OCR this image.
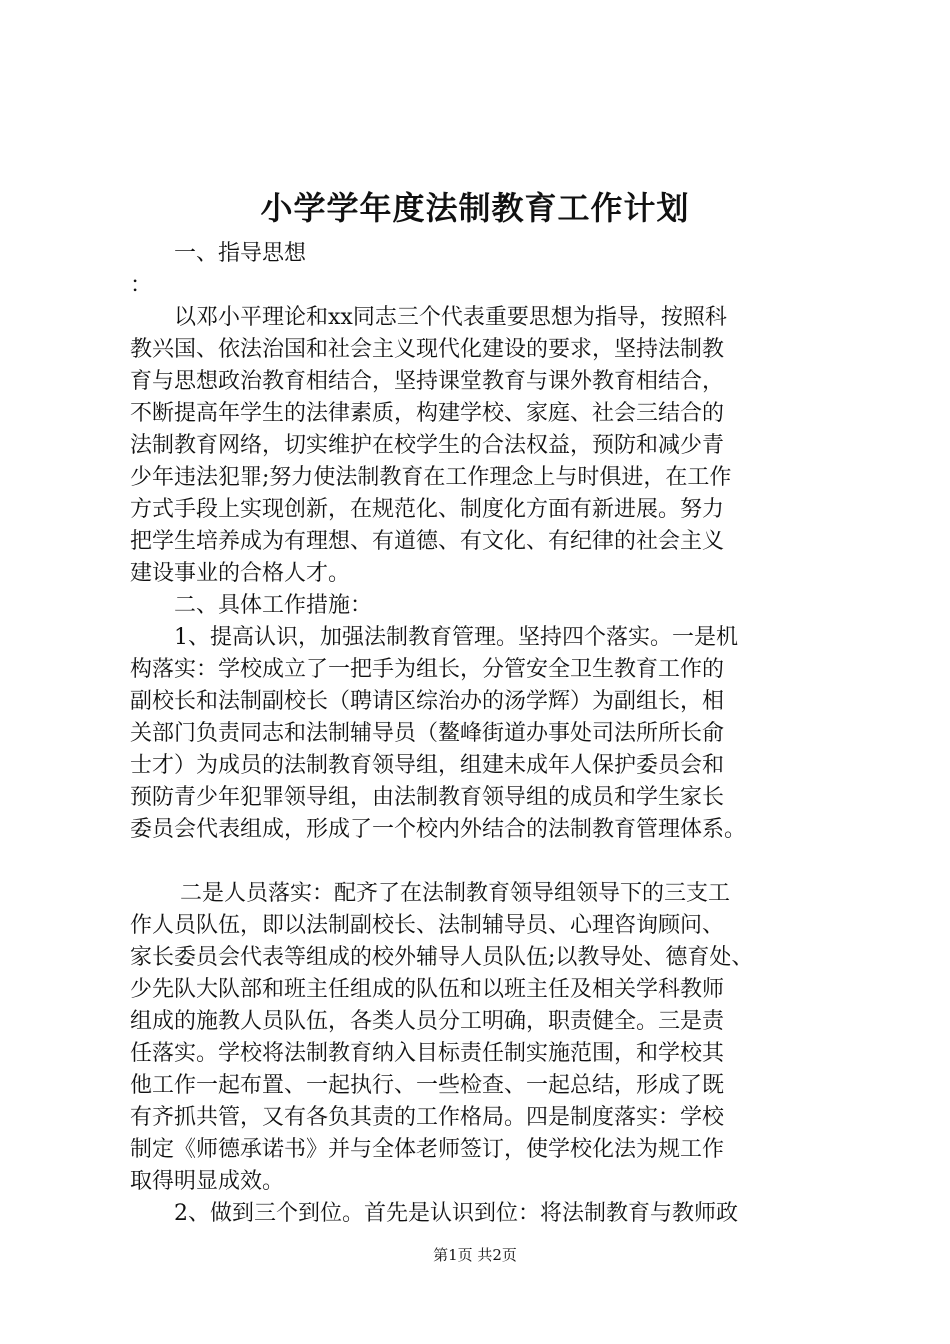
小学学年度法制教育工作计划
一、指导思想
：
以邓小平理论和xx同志三个代表重要思想为指导，按照科
教兴国、依法治国和社会主义现代化建设的要求，坚持法制教
育与思想政治教育相结合，坚持课堂教育与课外教育相结合，
不断提高年学生的法律素质，构建学校、家庭、社会三结合的
法制教育网络，切实维护在校学生的合法权益，预防和减少青
少年违法犯罪;努力使法制教育在工作理念上与时俱进，在工作
方式手段上实现创新，在规范化、制度化方面有新进展。努力
把学生培养成为有理想、有道德、有文化、有纪律的社会主义
建设事业的合格人才。
二、具体工作措施：
1、提高认识，加强法制教育管理。坚持四个落实。一是机
构落实：学校成立了一把手为组长，分管安全卫生教育工作的
副校长和法制副校长（聘请区综治办的汤学辉）为副组长，相
关部门负责同志和法制辅导员（鳌峰街道办事处司法所所长俞
士才）为成员的法制教育领导组，组建未成年人保护委员会和
预防青少年犯罪领导组，由法制教育领导组的成员和学生家长
委员会代表组成，形成了一个校内外结合的法制教育管理体系。
二是人员落实：配齐了在法制教育领导组领导下的三支工
作人员队伍，即以法制副校长、法制辅导员、心理咨询顾问、
家长委员会代表等组成的校外辅导人员队伍;以教导处、德育处、
少先队大队部和班主任组成的队伍和以班主任及相关学科教师
组成的施教人员队伍，各类人员分工明确，职责健全。三是责
任落实。学校将法制教育纳入目标责任制实施范围，和学校其
他工作一起布置、一起执行、一些检查、一起总结，形成了既
有齐抓共管，又有各负其责的工作格局。四是制度落实：学校
制定《师德承诺书》并与全体老师签订，使学校化法为规工作
取得明显成效。
2、做到三个到位。首先是认识到位：将法制教育与教师政
第1页 共2页
